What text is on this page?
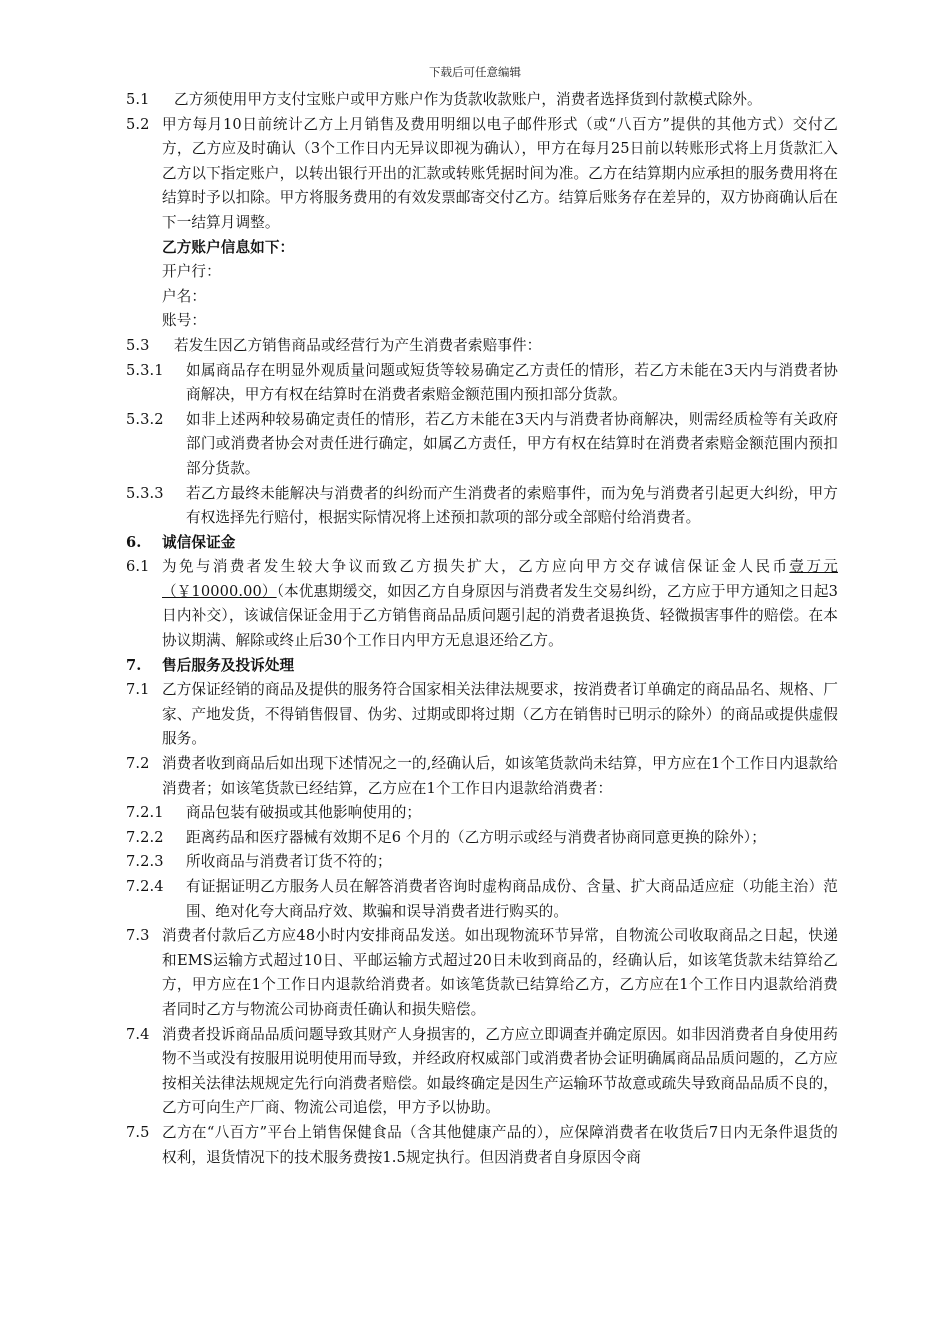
下载后可任意编辑
5.1	乙方须使用甲方支付宝账户或甲方账户作为货款收款账户，消费者选择货到付款模式除外。
5.2 甲方每月10日前统计乙方上月销售及费用明细以电子邮件形式（或“八百方”提供的其他方式）交付乙方，乙方应及时确认（3个工作日内无异议即视为确认），甲方在每月25日前以转账形式将上月货款汇入乙方以下指定账户，以转出银行开出的汇款或转账凭据时间为准。乙方在结算期内应承担的服务费用将在结算时予以扣除。甲方将服务费用的有效发票邮寄交付乙方。结算后账务存在差异的，双方协商确认后在下一结算月调整。
乙方账户信息如下：
开户行：
户名：
账号：
5.3	若发生因乙方销售商品或经营行为产生消费者索赔事件：
5.3.1	如属商品存在明显外观质量问题或短货等较易确定乙方责任的情形，若乙方未能在3天内与消费者协商解决，甲方有权在结算时在消费者索赔金额范围内预扣部分货款。
5.3.2	如非上述两种较易确定责任的情形，若乙方未能在3天内与消费者协商解决，则需经质检等有关政府部门或消费者协会对责任进行确定，如属乙方责任，甲方有权在结算时在消费者索赔金额范围内预扣部分货款。
5.3.3	若乙方最终未能解决与消费者的纠纷而产生消费者的索赔事件，而为免与消费者引起更大纠纷，甲方有权选择先行赔付，根据实际情况将上述预扣款项的部分或全部赔付给消费者。
6.	诚信保证金
6.1 为免与消费者发生较大争议而致乙方损失扩大，乙方应向甲方交存诚信保证金人民币壹万元（￥10000.00）（本优惠期缓交，如因乙方自身原因与消费者发生交易纠纷，乙方应于甲方通知之日起3日内补交），该诚信保证金用于乙方销售商品品质问题引起的消费者退换货、轻微损害事件的赔偿。在本协议期满、解除或终止后30个工作日内甲方无息退还给乙方。
7.	售后服务及投诉处理
7.1 乙方保证经销的商品及提供的服务符合国家相关法律法规要求，按消费者订单确定的商品品名、规格、厂家、产地发货，不得销售假冒、伪劣、过期或即将过期（乙方在销售时已明示的除外）的商品或提供虚假服务。
7.2 消费者收到商品后如出现下述情况之一的,经确认后，如该笔货款尚未结算，甲方应在1个工作日内退款给消费者；如该笔货款已经结算，乙方应在1个工作日内退款给消费者：
7.2.1	商品包装有破损或其他影响使用的；
7.2.2	距离药品和医疗器械有效期不足6 个月的（乙方明示或经与消费者协商同意更换的除外）；
7.2.3	所收商品与消费者订货不符的；
7.2.4	有证据证明乙方服务人员在解答消费者咨询时虚构商品成份、含量、扩大商品适应症（功能主治）范围、绝对化夸大商品疗效、欺骗和误导消费者进行购买的。
7.3 消费者付款后乙方应48小时内安排商品发送。如出现物流环节异常，自物流公司收取商品之日起，快递和EMS运输方式超过10日、平邮运输方式超过20日未收到商品的，经确认后，如该笔货款未结算给乙方，甲方应在1个工作日内退款给消费者。如该笔货款已结算给乙方，乙方应在1个工作日内退款给消费者同时乙方与物流公司协商责任确认和损失赔偿。
7.4 消费者投诉商品品质问题导致其财产人身损害的，乙方应立即调查并确定原因。如非因消费者自身使用药物不当或没有按服用说明使用而导致，并经政府权威部门或消费者协会证明确属商品品质问题的，乙方应按相关法律法规规定先行向消费者赔偿。如最终确定是因生产运输环节故意或疏失导致商品品质不良的，乙方可向生产厂商、物流公司追偿，甲方予以协助。
7.5 乙方在“八百方”平台上销售保健食品（含其他健康产品的），应保障消费者在收货后7日内无条件退货的权利，退货情况下的技术服务费按1.5规定执行。但因消费者自身原因令商
